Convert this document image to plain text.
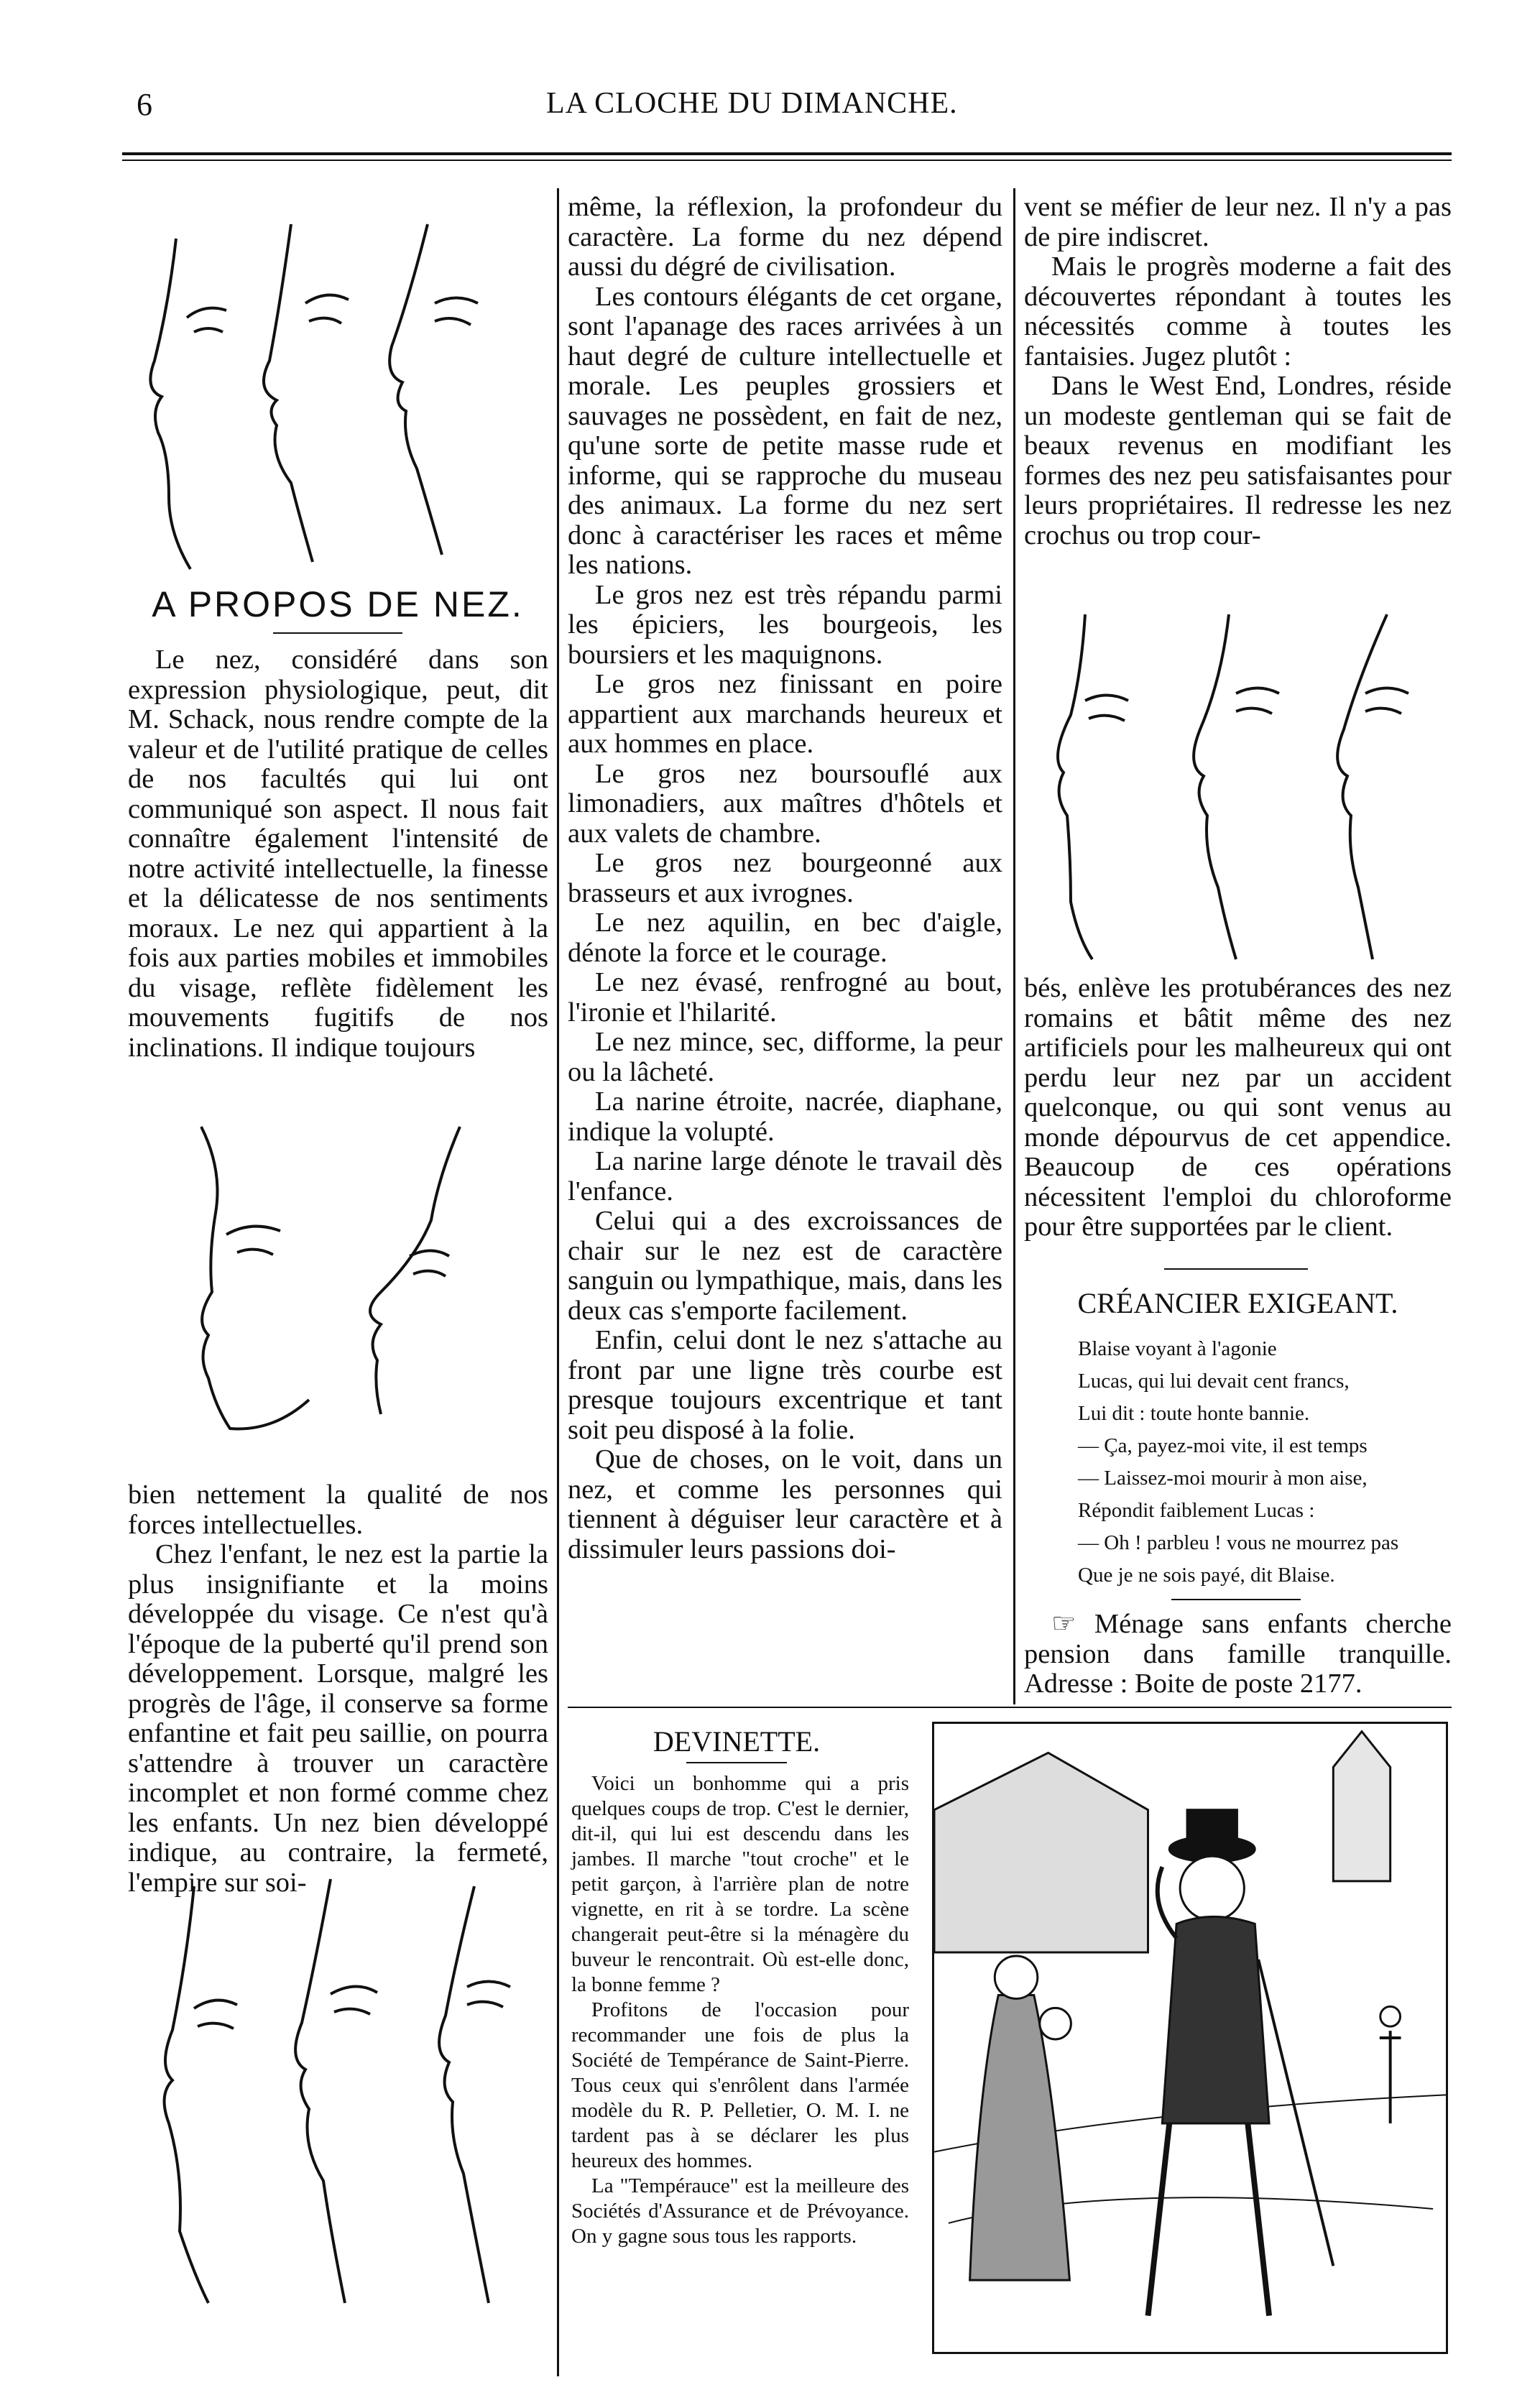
6	LA CLOCHE DU DIMANCHE.
A PROPOS DE NEZ.

Le nez, considéré dans son expression physiologique, peut, dit M. Schack, nous rendre compte de la valeur et de l'utilité pratique de celles de nos facultés qui lui ont communiqué son aspect. Il nous fait connaître également l'intensité de notre activité intellectuelle, la finesse et la délicatesse de nos sentiments moraux. Le nez qui appartient à la fois aux parties mobiles et immobiles du visage, reflète fidèlement les mouvements fugitifs de nos inclinations. Il indique toujours

bien nettement la qualité de nos forces intellectuelles.

Chez l'enfant, le nez est la partie la plus insignifiante et la moins développée du visage. Ce n'est qu'à l'époque de la puberté qu'il prend son développement. Lorsque, malgré les progrès de l'âge, il conserve sa forme enfantine et fait peu saillie, on pourra s'attendre à trouver un caractère incomplet et non formé comme chez les enfants. Un nez bien développé indique, au contraire, la fermeté, l'empire sur soi-

même, la réflexion, la profondeur du caractère. La forme du nez dépend aussi du dégré de civilisation.

Les contours élégants de cet organe, sont l'apanage des races arrivées à un haut degré de culture intellectuelle et morale. Les peuples grossiers et sauvages ne possèdent, en fait de nez, qu'une sorte de petite masse rude et informe, qui se rapproche du museau des animaux. La forme du nez sert donc à caractériser les races et même les nations.

Le gros nez est très répandu parmi les épiciers, les bourgeois, les boursiers et les maquignons.

Le gros nez finissant en poire appartient aux marchands heureux et aux hommes en place.

Le gros nez boursouflé aux limonadiers, aux maîtres d'hôtels et aux valets de chambre.

Le gros nez bourgeonné aux brasseurs et aux ivrognes.

Le nez aquilin, en bec d'aigle, dénote la force et le courage.

Le nez évasé, renfrogné au bout, l'ironie et l'hilarité.

Le nez mince, sec, difforme, la peur ou la lâcheté.

La narine étroite, nacrée, diaphane, indique la volupté.

La narine large dénote le travail dès l'enfance.

Celui qui a des excroissances de chair sur le nez est de caractère sanguin ou lympathique, mais, dans les deux cas s'emporte facilement.

Enfin, celui dont le nez s'attache au front par une ligne très courbe est presque toujours excentrique et tant soit peu disposé à la folie.

Que de choses, on le voit, dans un nez, et comme les personnes qui tiennent à déguiser leur caractère et à dissimuler leurs passions doi-

vent se méfier de leur nez. Il n'y a pas de pire indiscret.

Mais le progrès moderne a fait des découvertes répondant à toutes les nécessités comme à toutes les fantaisies. Jugez plutôt :

Dans le West End, Londres, réside un modeste gentleman qui se fait de beaux revenus en modifiant les formes des nez peu satisfaisantes pour leurs propriétaires. Il redresse les nez crochus ou trop cour-

bés, enlève les protubérances des nez romains et bâtit même des nez artificiels pour les malheureux qui ont perdu leur nez par un accident quelconque, ou qui sont venus au monde dépourvus de cet appendice. Beaucoup de ces opérations nécessitent l'emploi du chloroforme pour être supportées par le client.

CRÉANCIER EXIGEANT.
Blaise voyant à l'agonie
Lucas, qui lui devait cent francs,
Lui dit : toute honte bannie.
— Ça, payez-moi vite, il est temps
— Laissez-moi mourir à mon aise,
Répondit faiblement Lucas :
— Oh ! parbleu ! vous ne mourrez pas
Que je ne sois payé, dit Blaise.

☞ Ménage sans enfants cherche pension dans famille tranquille. Adresse : Boite de poste 2177.

DEVINETTE.

Voici un bonhomme qui a pris quelques coups de trop. C'est le dernier, dit-il, qui lui est descendu dans les jambes. Il marche "tout croche" et le petit garçon, à l'arrière plan de notre vignette, en rit à se tordre. La scène changerait peut-être si la ménagère du buveur le rencontrait. Où est-elle donc, la bonne femme ?

Profitons de l'occasion pour recommander une fois de plus la Société de Tempérance de Saint-Pierre. Tous ceux qui s'enrôlent dans l'armée modèle du R. P. Pelletier, O. M. I. ne tardent pas à se déclarer les plus heureux des hommes.

La "Tempérauce" est la meilleure des Sociétés d'Assurance et de Prévoyance. On y gagne sous tous les rapports.
